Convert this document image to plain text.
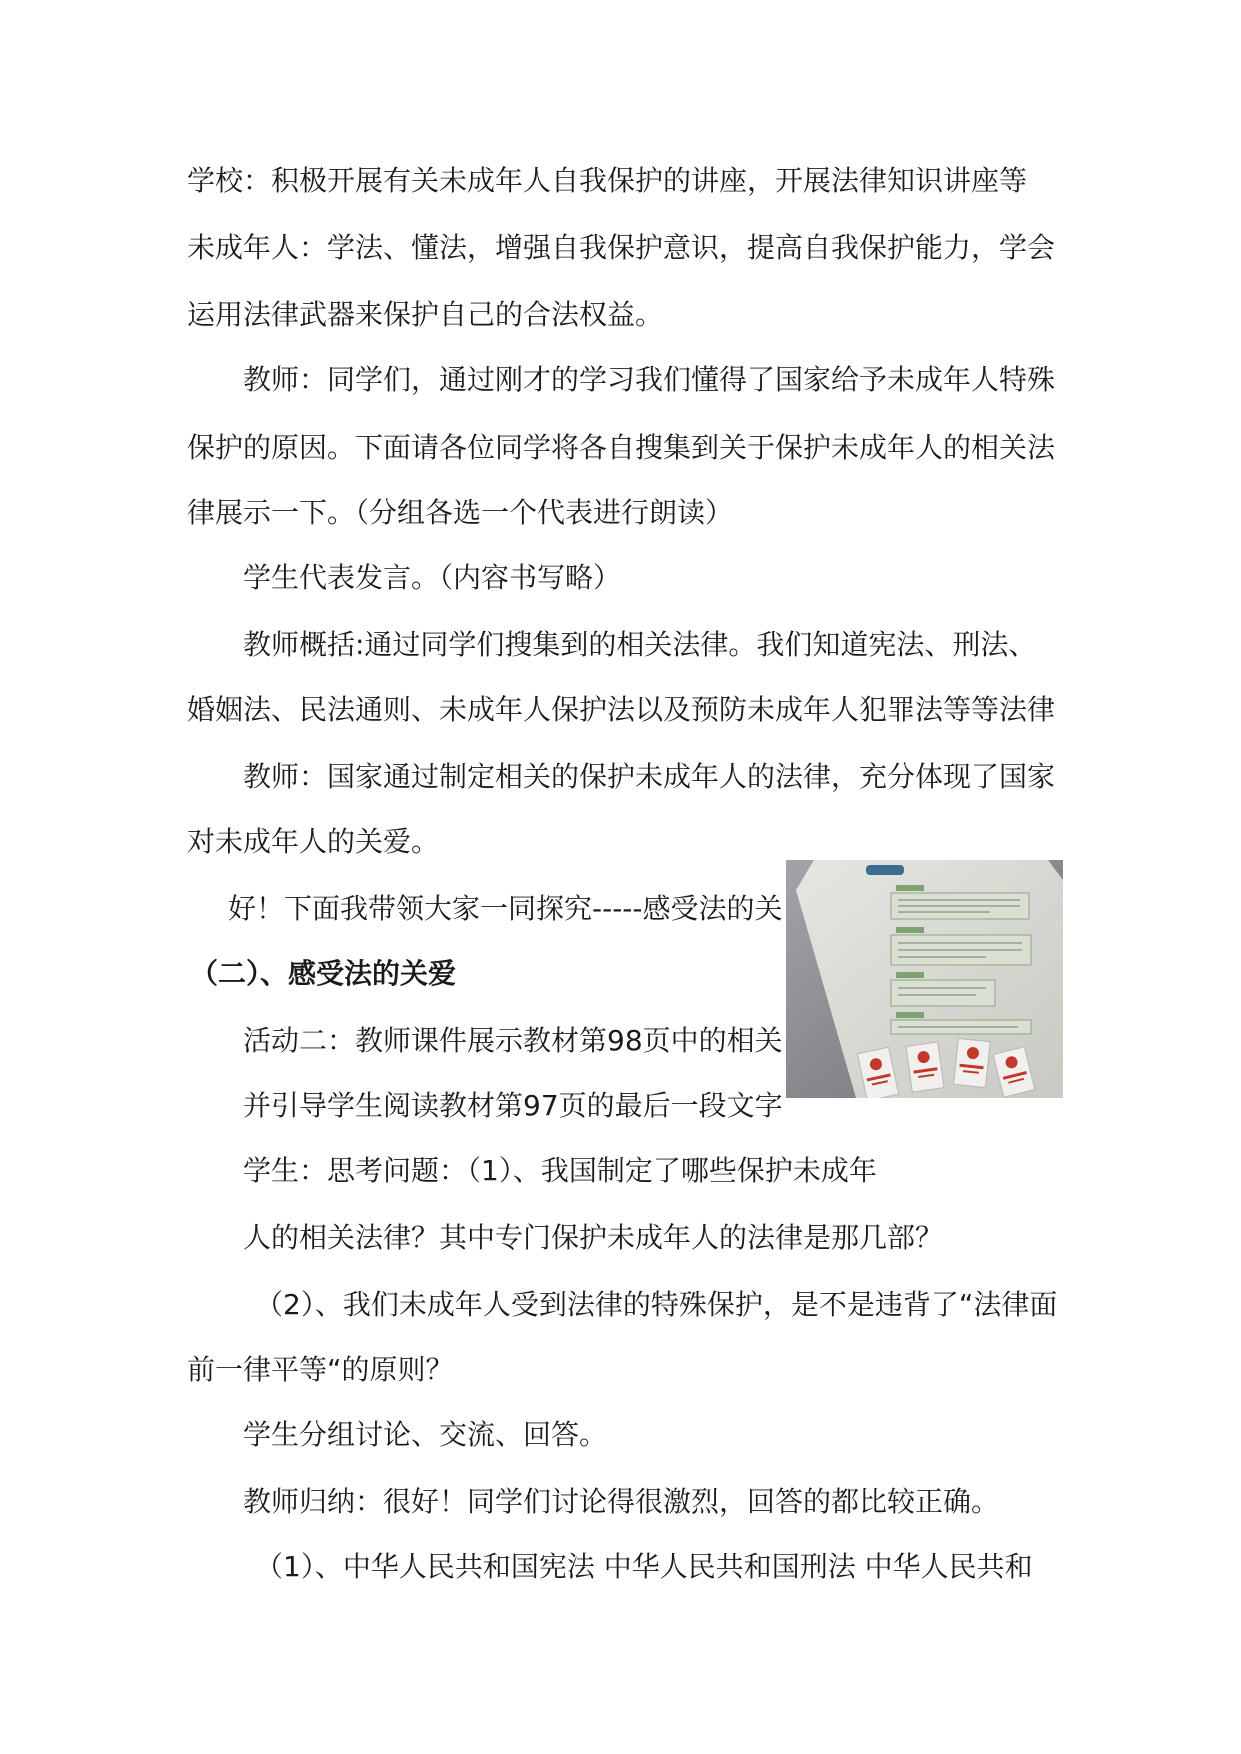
学校：积极开展有关未成年人自我保护的讲座，开展法律知识讲座等
未成年人：学法、懂法，增强自我保护意识，提高自我保护能力，学会
运用法律武器来保护自己的合法权益。
教师：同学们，通过刚才的学习我们懂得了国家给予未成年人特殊
保护的原因。下面请各位同学将各自搜集到关于保护未成年人的相关法
律展示一下。（分组各选一个代表进行朗读）
学生代表发言。（内容书写略）
教师概括:通过同学们搜集到的相关法律。我们知道宪法、刑法、
婚姻法、民法通则、未成年人保护法以及预防未成年人犯罪法等等法律
教师：国家通过制定相关的保护未成年人的法律，充分体现了国家
对未成年人的关爱。
好！下面我带领大家一同探究-----感受法的关
（二）、感受法的关爱
活动二：教师课件展示教材第98页中的相关
并引导学生阅读教材第97页的最后一段文字
学生：思考问题：（1）、我国制定了哪些保护未成年
人的相关法律？其中专门保护未成年人的法律是那几部？
（2）、我们未成年人受到法律的特殊保护，是不是违背了“法律面
前一律平等“的原则？
学生分组讨论、交流、回答。
教师归纳：很好！同学们讨论得很激烈，回答的都比较正确。
（1）、中华人民共和国宪法 中华人民共和国刑法 中华人民共和
